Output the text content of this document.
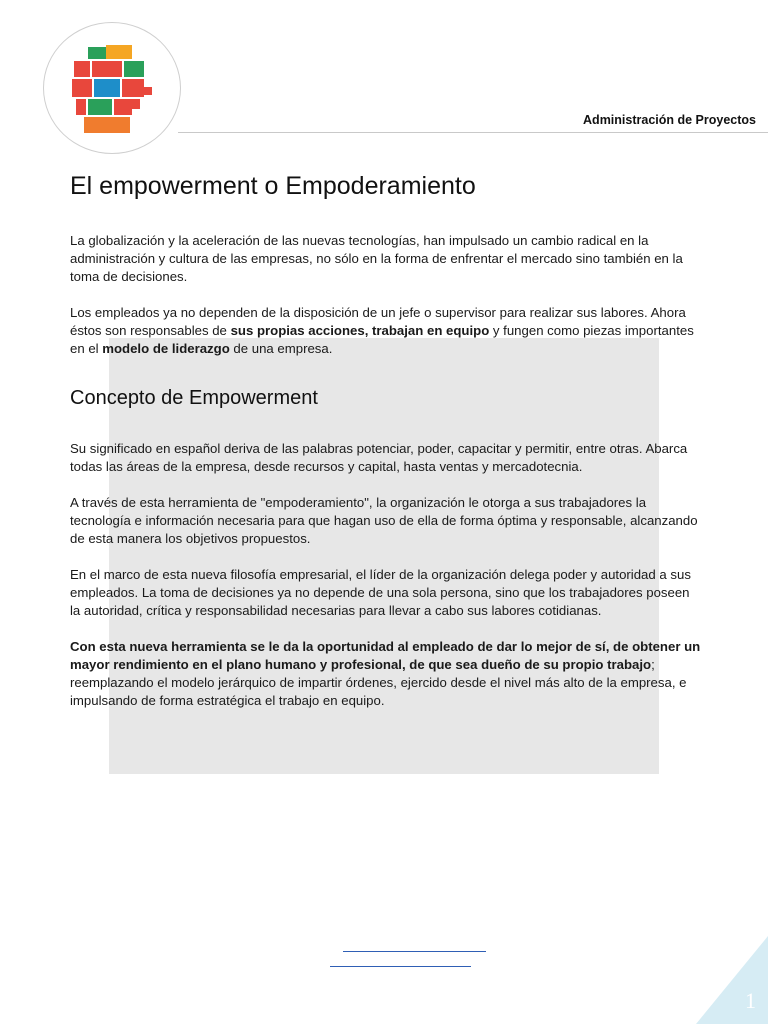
Administración de Proyectos
El empowerment o Empoderamiento

La globalización y la aceleración de las nuevas tecnologías, han impulsado un cambio radical en la administración y cultura de las empresas, no sólo en la forma de enfrentar el mercado sino también en la toma de decisiones.

Los empleados ya no dependen de la disposición de un jefe o supervisor para realizar sus labores. Ahora éstos son responsables de sus propias acciones, trabajan en equipo y fungen como piezas importantes en el modelo de liderazgo de una empresa.

Concepto de Empowerment

Su significado en español deriva de las palabras potenciar, poder, capacitar y permitir, entre otras. Abarca todas las áreas de la empresa, desde recursos y capital, hasta ventas y mercadotecnia.

A través de esta herramienta de "empoderamiento", la organización le otorga a sus trabajadores la tecnología e información necesaria para que hagan uso de ella de forma óptima y responsable, alcanzando de esta manera los objetivos propuestos.

En el marco de esta nueva filosofía empresarial, el líder de la organización delega poder y autoridad a sus empleados. La toma de decisiones ya no depende de una sola persona, sino que los trabajadores poseen la autoridad, crítica y responsabilidad necesarias para llevar a cabo sus labores cotidianas.

Con esta nueva herramienta se le da la oportunidad al empleado de dar lo mejor de sí, de obtener un mayor rendimiento en el plano humano y profesional, de que sea dueño de su propio trabajo; reemplazando el modelo jerárquico de impartir órdenes, ejercido desde el nivel más alto de la empresa, e impulsando de forma estratégica el trabajo en equipo.

1
